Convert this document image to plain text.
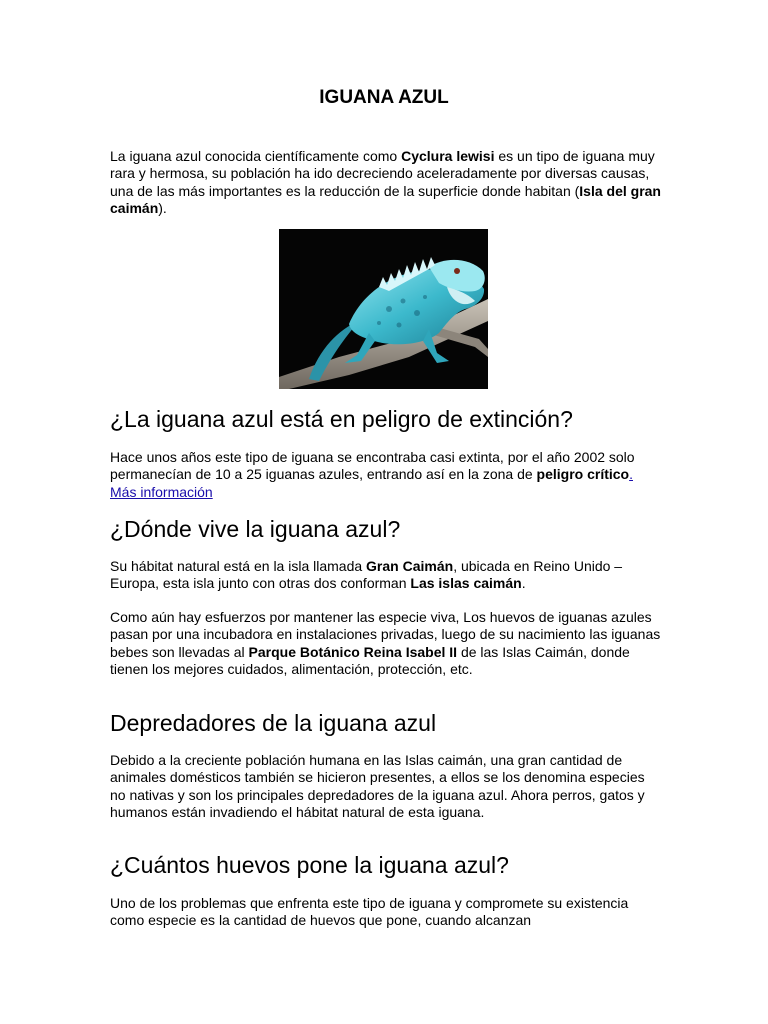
IGUANA AZUL

La iguana azul conocida científicamente como Cyclura lewisi es un tipo de iguana muy rara y hermosa, su población ha ido decreciendo aceleradamente por diversas causas, una de las más importantes es la reducción de la superficie donde habitan (Isla del gran caimán).

¿La iguana azul está en peligro de extinción?

Hace unos años este tipo de iguana se encontraba casi extinta, por el año 2002 solo permanecían de 10 a 25 iguanas azules, entrando así en la zona de peligro crítico. Más información

¿Dónde vive la iguana azul?

Su hábitat natural está en la isla llamada Gran Caimán, ubicada en Reino Unido – Europa, esta isla junto con otras dos conforman Las islas caimán.

Como aún hay esfuerzos por mantener las especie viva, Los huevos de iguanas azules pasan por una incubadora en instalaciones privadas, luego de su nacimiento las iguanas bebes son llevadas al Parque Botánico Reina Isabel II de las Islas Caimán, donde tienen los mejores cuidados, alimentación, protección, etc.

Depredadores de la iguana azul

Debido a la creciente población humana en las Islas caimán, una gran cantidad de animales domésticos también se hicieron presentes, a ellos se los denomina especies no nativas y son los principales depredadores de la iguana azul. Ahora perros, gatos y humanos están invadiendo el hábitat natural de esta iguana.

¿Cuántos huevos pone la iguana azul?

Uno de los problemas que enfrenta este tipo de iguana y compromete su existencia como especie es la cantidad de huevos que pone, cuando alcanzan
